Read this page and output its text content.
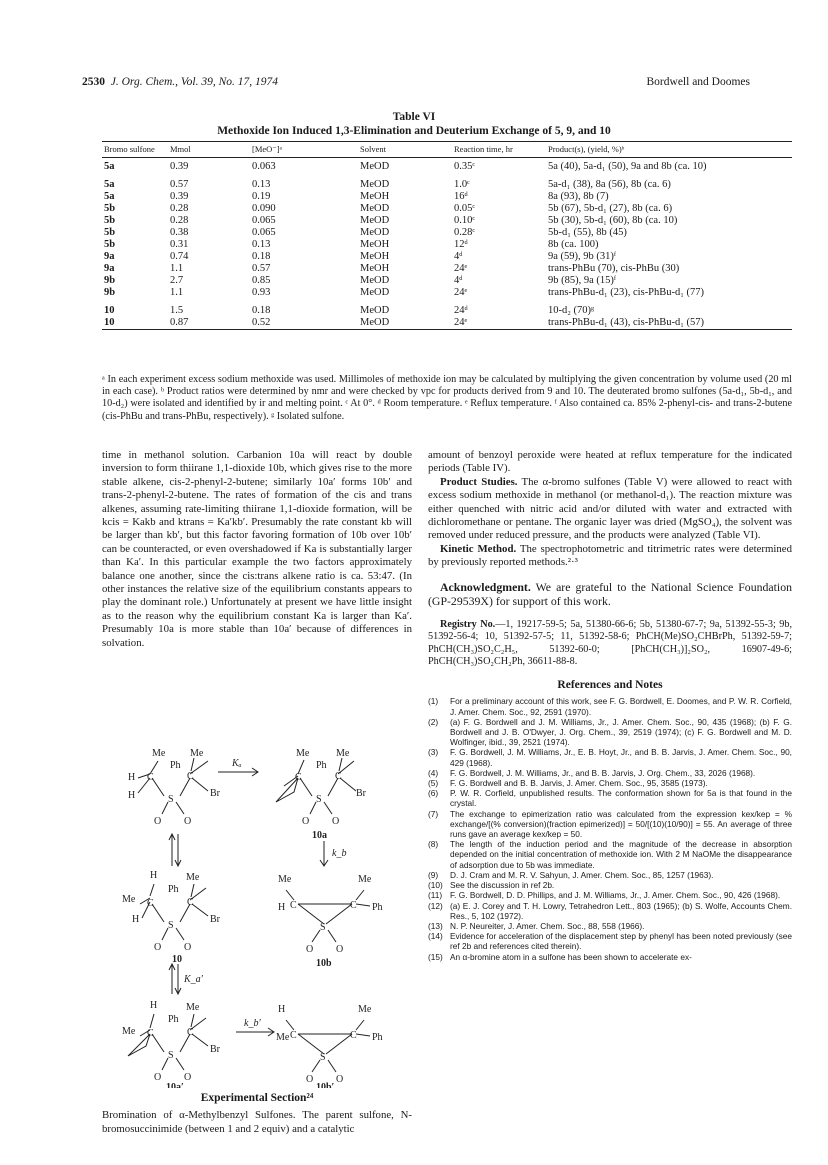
2530 J. Org. Chem., Vol. 39, No. 17, 1974	Bordwell and Doomes
Table VI
Methoxide Ion Induced 1,3-Elimination and Deuterium Exchange of 5, 9, and 10
Bromo sulfone	Mmol	[MeO⁻]ᵃ	Solvent	Reaction time, hr	Product(s), (yield, %)ᵇ
5a	0.39	0.063	MeOD	0.35ᶜ	5a (40), 5a-d₁ (50), 9a and 8b (ca. 10)
5a	0.57	0.13	MeOD	1.0ᶜ	5a-d₁ (38), 8a (56), 8b (ca. 6)
5a	0.39	0.19	MeOH	16ᵈ	8a (93), 8b (7)
5b	0.28	0.090	MeOD	0.05ᶜ	5b (67), 5b-d₁ (27), 8b (ca. 6)
5b	0.28	0.065	MeOD	0.10ᶜ	5b (30), 5b-d₁ (60), 8b (ca. 10)
5b	0.38	0.065	MeOD	0.28ᶜ	5b-d₁ (55), 8b (45)
5b	0.31	0.13	MeOH	12ᵈ	8b (ca. 100)
9a	0.74	0.18	MeOH	4ᵈ	9a (59), 9b (31)ᶠ
9a	1.1	0.57	MeOH	24ᵉ	trans-PhBu (70), cis-PhBu (30)
9b	2.7	0.85	MeOD	4ᵈ	9b (85), 9a (15)ᶠ
9b	1.1	0.93	MeOD	24ᵉ	trans-PhBu-d₁ (23), cis-PhBu-d₁ (77)
10	1.5	0.18	MeOD	24ᵈ	10-d₂ (70)ᵍ
10	0.87	0.52	MeOD	24ᵉ	trans-PhBu-d₁ (43), cis-PhBu-d₁ (57)

ᵃ In each experiment excess sodium methoxide was used. Millimoles of methoxide ion may be calculated by multiplying the given concentration by volume used (20 ml in each case). ᵇ Product ratios were determined by nmr and were checked by vpc for products derived from 9 and 10. The deuterated bromo sulfones (5a-d₁, 5b-d₁, and 10-d₂) were isolated and identified by ir and melting point. ᶜ At 0°. ᵈ Room temperature. ᵉ Reflux temperature. ᶠ Also contained ca. 85% 2-phenyl-cis- and trans-2-butene (cis-PhBu and trans-PhBu, respectively). ᵍ Isolated sulfone.
time in methanol solution. Carbanion 10a will react by double inversion to form thiirane 1,1-dioxide 10b, which gives rise to the more stable alkene, cis-2-phenyl-2-butene; similarly 10a′ forms 10b′ and trans-2-phenyl-2-butene. The rates of formation of the cis and trans alkenes, assuming rate-limiting thiirane 1,1-dioxide formation, will be kcis = Kakb and ktrans = Ka′kb′. Presumably the rate constant kb will be larger than kb′, but this factor favoring formation of 10b over 10b′ can be counteracted, or even overshadowed if Ka is substantially larger than Ka′. In this particular example the two factors approximately balance one another, since the cis:trans alkene ratio is ca. 53:47. (In other instances the relative size of the equilibrium constants appears to play the dominant role.) Unfortunately at present we have little insight as to the reason why the equilibrium constant Ka is larger than Ka′. Presumably 10a is more stable than 10a′ because of differences in solvation.
Me Me
H
H
Ph
C	C
Br
S
O O
Kₐ
Me	Me
Ph
C	C
Br
S
O O
10a
k_b
H
Me
H
Ph
Me
C	C
Br
S
O O
10
Me
H C	C
Me
Ph
S
O O
10b
K_a′
H
Me
Ph
Me
C	C
Br
S
O O
10a′
k_b′
H
Me C	C
Me
Ph
S
O O
10b′
Experimental Section²⁴
Bromination of α-Methylbenzyl Sulfones. The parent sulfone, N-bromosuccinimide (between 1 and 2 equiv) and a catalytic
amount of benzoyl peroxide were heated at reflux temperature for the indicated periods (Table IV).
Product Studies. The α-bromo sulfones (Table V) were allowed to react with excess sodium methoxide in methanol (or methanol-d₁). The reaction mixture was either quenched with nitric acid and/or diluted with water and extracted with dichloromethane or pentane. The organic layer was dried (MgSO₄), the solvent was removed under reduced pressure, and the products were analyzed (Table VI).
Kinetic Method. The spectrophotometric and titrimetric rates were determined by previously reported methods.²·³
Acknowledgment. We are grateful to the National Science Foundation (GP-29539X) for support of this work.
Registry No.—1, 19217-59-5; 5a, 51380-66-6; 5b, 51380-67-7; 9a, 51392-55-3; 9b, 51392-56-4; 10, 51392-57-5; 11, 51392-58-6; PhCH(Me)SO₂CHBrPh, 51392-59-7; PhCH(CH₃)SO₂C₂H₅, 51392-60-0; [PhCH(CH₃)]₂SO₂, 16907-49-6; PhCH(CH₃)SO₂CH₂Ph, 36611-88-8.
References and Notes
(1)	For a preliminary account of this work, see F. G. Bordwell, E. Doomes, and P. W. R. Corfield, J. Amer. Chem. Soc., 92, 2591 (1970).
(2)	(a) F. G. Bordwell and J. M. Williams, Jr., J. Amer. Chem. Soc., 90, 435 (1968); (b) F. G. Bordwell and J. B. O'Dwyer, J. Org. Chem., 39, 2519 (1974); (c) F. G. Bordwell and M. D. Wolfinger, ibid., 39, 2521 (1974).
(3)	F. G. Bordwell, J. M. Williams, Jr., E. B. Hoyt, Jr., and B. B. Jarvis, J. Amer. Chem. Soc., 90, 429 (1968).
(4)	F. G. Bordwell, J. M. Williams, Jr., and B. B. Jarvis, J. Org. Chem., 33, 2026 (1968).
(5)	F. G. Bordwell and B. B. Jarvis, J. Amer. Chem. Soc., 95, 3585 (1973).
(6)	P. W. R. Corfield, unpublished results. The conformation shown for 5a is that found in the crystal.
(7)	The exchange to epimerization ratio was calculated from the expression kex/kep = % exchange/[(% conversion)(fraction epimerized)] = 50/[(10)(10/90)] = 55. An average of three runs gave an average kex/kep = 50.
(8)	The length of the induction period and the magnitude of the decrease in absorption depended on the initial concentration of methoxide ion. With 2 M NaOMe the disappearance of adsorption due to 5b was immediate.
(9)	D. J. Cram and M. R. V. Sahyun, J. Amer. Chem. Soc., 85, 1257 (1963).
(10) See the discussion in ref 2b.
(11) F. G. Bordwell, D. D. Phillips, and J. M. Williams, Jr., J. Amer. Chem. Soc., 90, 426 (1968).
(12) (a) E. J. Corey and T. H. Lowry, Tetrahedron Lett., 803 (1965); (b) S. Wolfe, Accounts Chem. Res., 5, 102 (1972).
(13) N. P. Neureiter, J. Amer. Chem. Soc., 88, 558 (1966).
(14) Evidence for acceleration of the displacement step by phenyl has been noted previously (see ref 2b and references cited therein).
(15) An α-bromine atom in a sulfone has been shown to accelerate ex-
